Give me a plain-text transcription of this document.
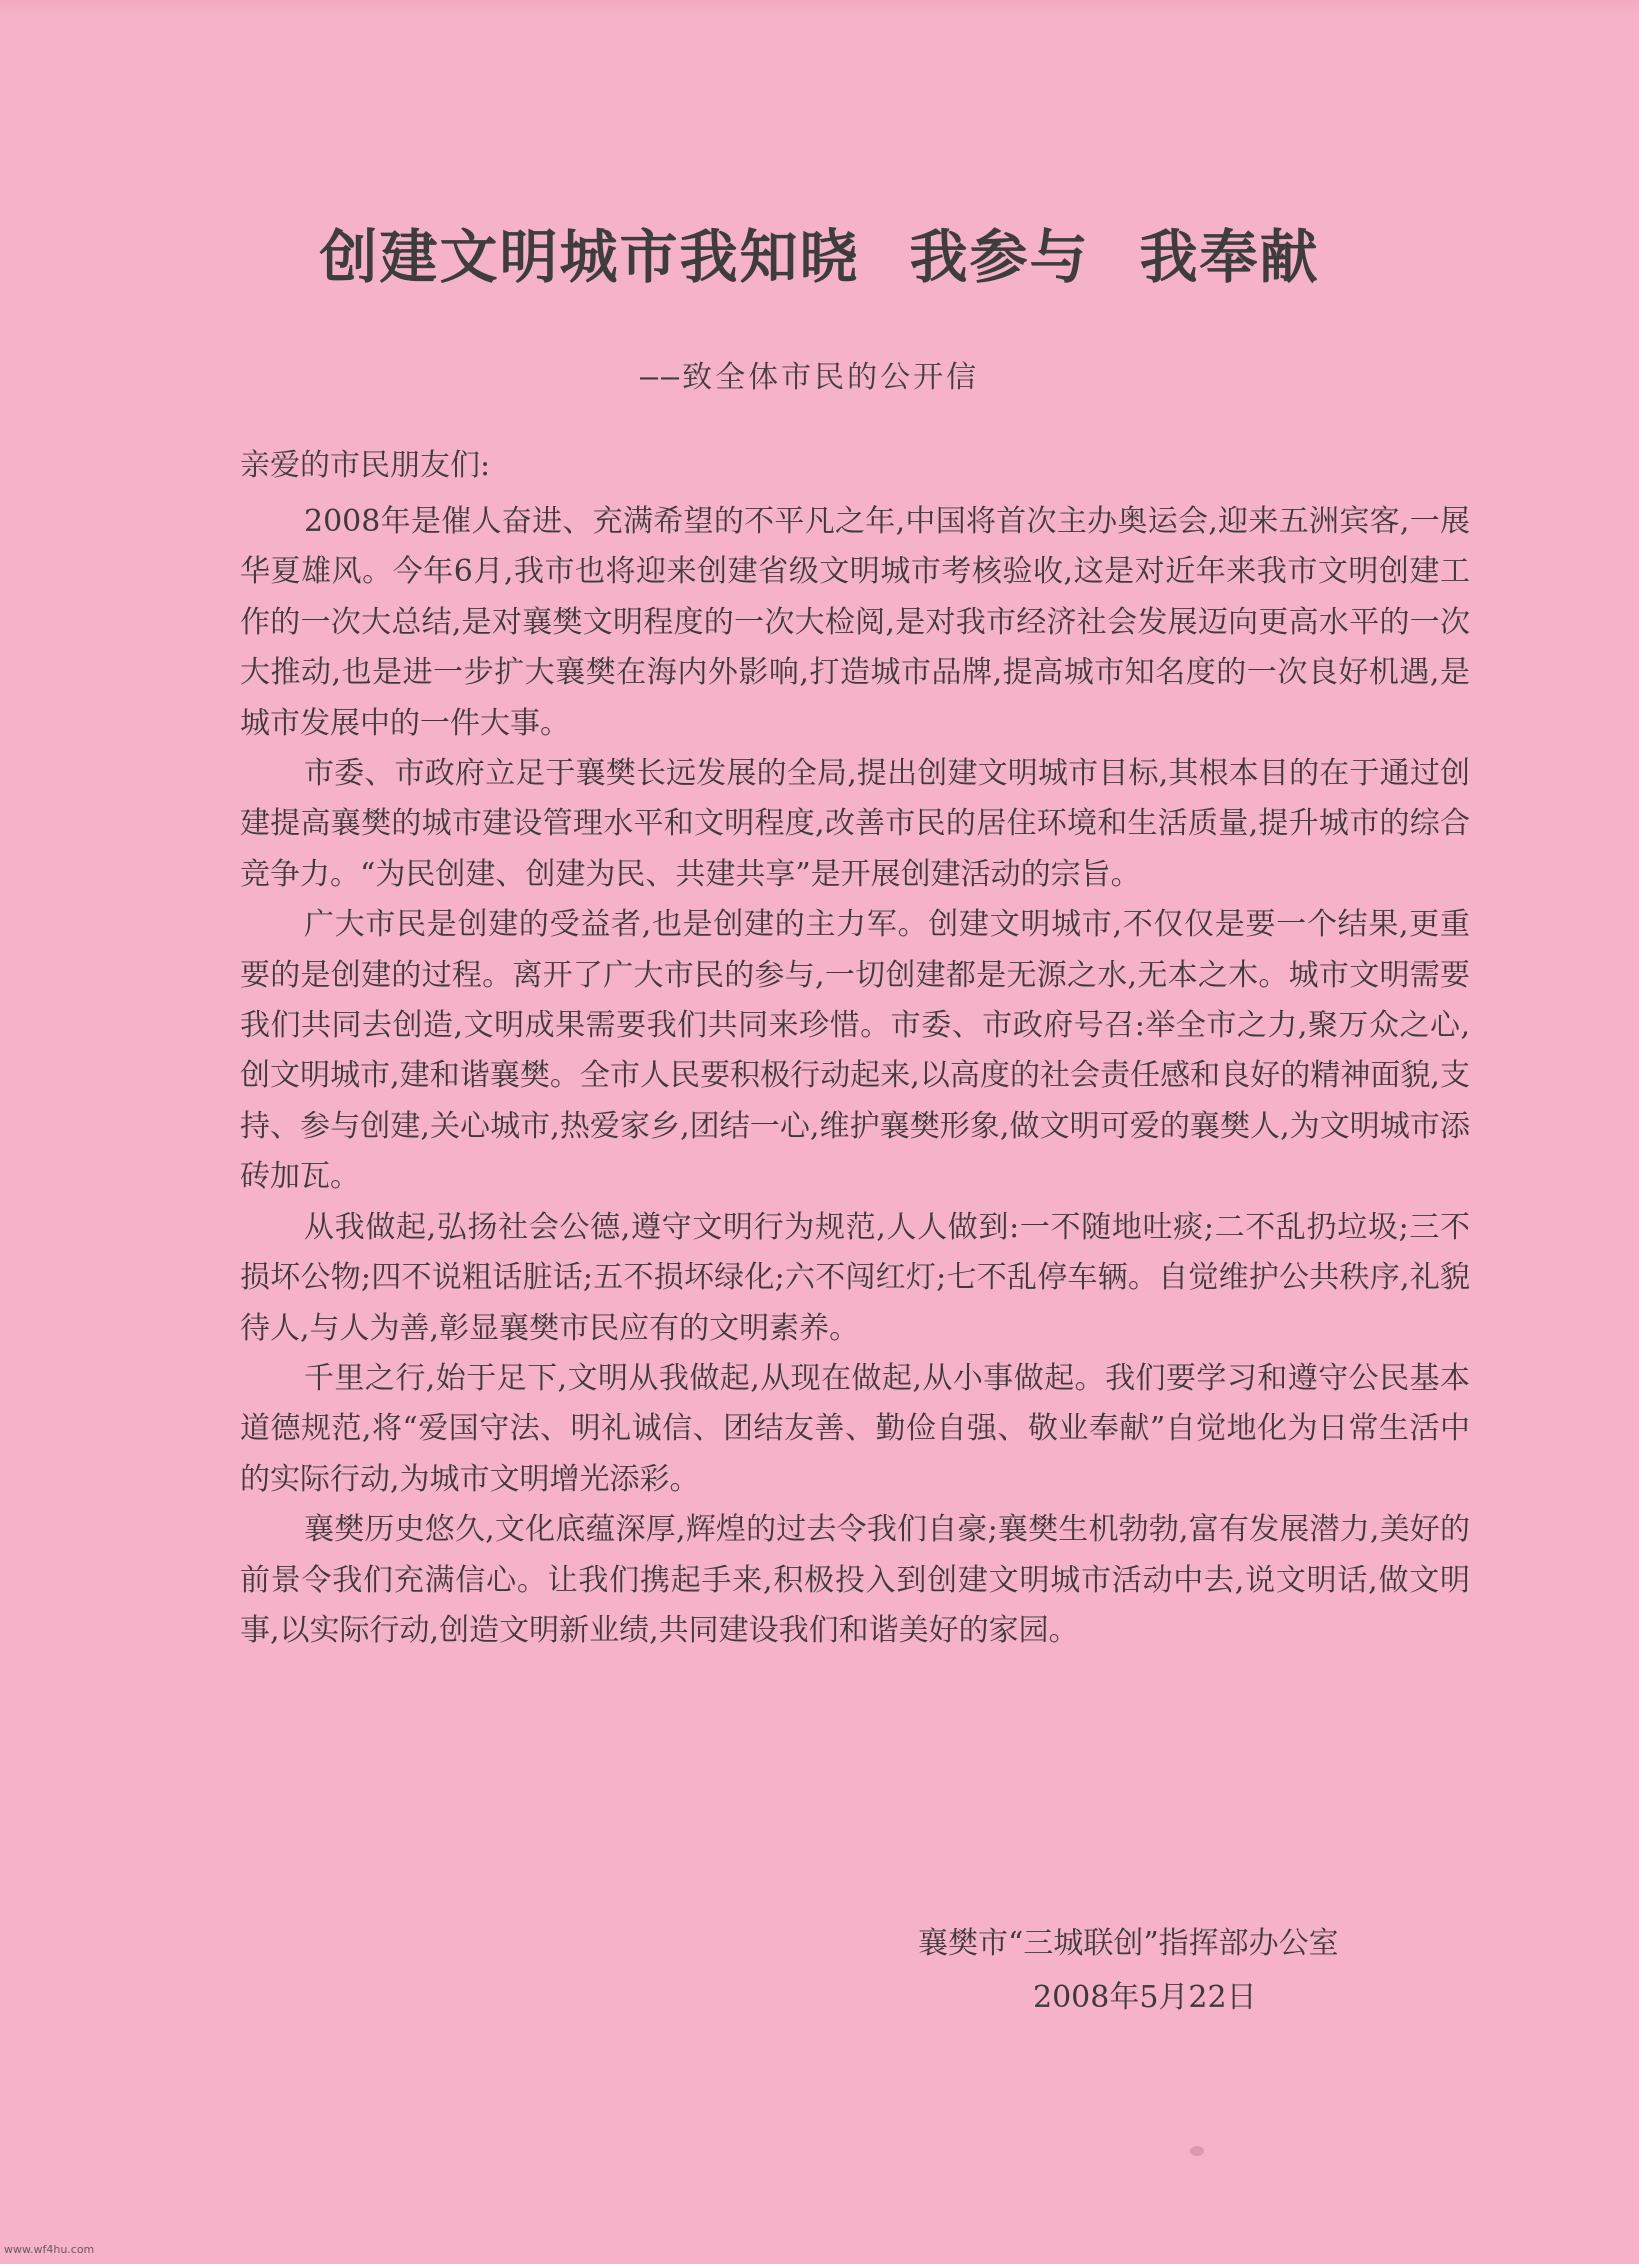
创建文明城市我知晓 我参与 我奉献
——致全体市民的公开信
亲爱的市民朋友们:

2008年是催人奋进、充满希望的不平凡之年,中国将首次主办奥运会,迎来五洲宾客,一展华夏雄风。今年6月,我市也将迎来创建省级文明城市考核验收,这是对近年来我市文明创建工作的一次大总结,是对襄樊文明程度的一次大检阅,是对我市经济社会发展迈向更高水平的一次大推动,也是进一步扩大襄樊在海内外影响,打造城市品牌,提高城市知名度的一次良好机遇,是城市发展中的一件大事。

市委、市政府立足于襄樊长远发展的全局,提出创建文明城市目标,其根本目的在于通过创建提高襄樊的城市建设管理水平和文明程度,改善市民的居住环境和生活质量,提升城市的综合竞争力。“为民创建、创建为民、共建共享”是开展创建活动的宗旨。

广大市民是创建的受益者,也是创建的主力军。创建文明城市,不仅仅是要一个结果,更重要的是创建的过程。离开了广大市民的参与,一切创建都是无源之水,无本之木。城市文明需要我们共同去创造,文明成果需要我们共同来珍惜。市委、市政府号召:举全市之力,聚万众之心,创文明城市,建和谐襄樊。全市人民要积极行动起来,以高度的社会责任感和良好的精神面貌,支持、参与创建,关心城市,热爱家乡,团结一心,维护襄樊形象,做文明可爱的襄樊人,为文明城市添砖加瓦。

从我做起,弘扬社会公德,遵守文明行为规范,人人做到:一不随地吐痰;二不乱扔垃圾;三不损坏公物;四不说粗话脏话;五不损坏绿化;六不闯红灯;七不乱停车辆。自觉维护公共秩序,礼貌待人,与人为善,彰显襄樊市民应有的文明素养。

千里之行,始于足下,文明从我做起,从现在做起,从小事做起。我们要学习和遵守公民基本道德规范,将“爱国守法、明礼诚信、团结友善、勤俭自强、敬业奉献”自觉地化为日常生活中的实际行动,为城市文明增光添彩。

襄樊历史悠久,文化底蕴深厚,辉煌的过去令我们自豪;襄樊生机勃勃,富有发展潜力,美好的前景令我们充满信心。让我们携起手来,积极投入到创建文明城市活动中去,说文明话,做文明事,以实际行动,创造文明新业绩,共同建设我们和谐美好的家园。

襄樊市“三城联创”指挥部办公室
2008年5月22日
www.wf4hu.com
